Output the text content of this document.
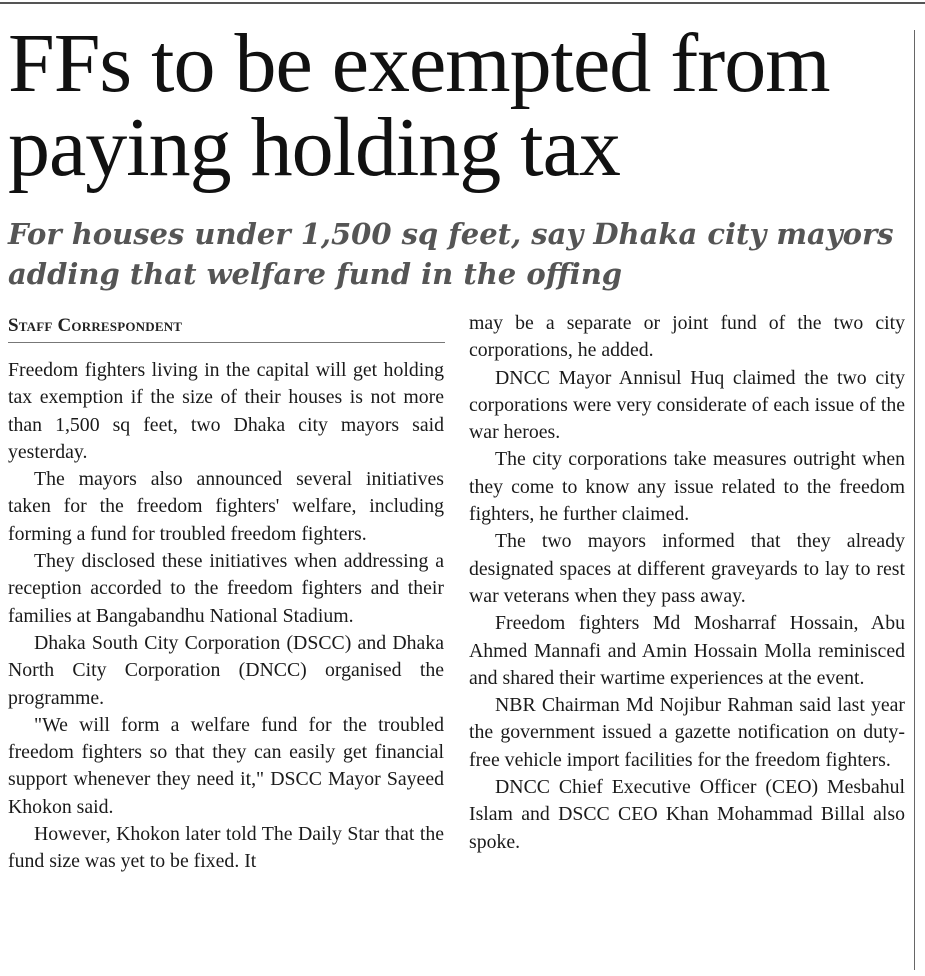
FFs to be exempted from paying holding tax
For houses under 1,500 sq feet, say Dhaka city mayors adding that welfare fund in the offing
Staff Correspondent

Freedom fighters living in the capital will get holding tax exemption if the size of their houses is not more than 1,500 sq feet, two Dhaka city mayors said yesterday.

The mayors also announced several initiatives taken for the freedom fighters' welfare, including forming a fund for troubled freedom fighters.

They disclosed these initiatives when addressing a reception accorded to the freedom fighters and their families at Bangabandhu National Stadium.

Dhaka South City Corporation (DSCC) and Dhaka North City Corporation (DNCC) organised the programme.

"We will form a welfare fund for the troubled freedom fighters so that they can easily get financial support whenever they need it," DSCC Mayor Sayeed Khokon said.

However, Khokon later told The Daily Star that the fund size was yet to be fixed. It

may be a separate or joint fund of the two city corporations, he added.

DNCC Mayor Annisul Huq claimed the two city corporations were very considerate of each issue of the war heroes.

The city corporations take measures outright when they come to know any issue related to the freedom fighters, he further claimed.

The two mayors informed that they already designated spaces at different graveyards to lay to rest war veterans when they pass away.

Freedom fighters Md Mosharraf Hossain, Abu Ahmed Mannafi and Amin Hossain Molla reminisced and shared their wartime experiences at the event.

NBR Chairman Md Nojibur Rahman said last year the government issued a gazette notification on duty-free vehicle import facilities for the freedom fighters.

DNCC Chief Executive Officer (CEO) Mesbahul Islam and DSCC CEO Khan Mohammad Billal also spoke.
